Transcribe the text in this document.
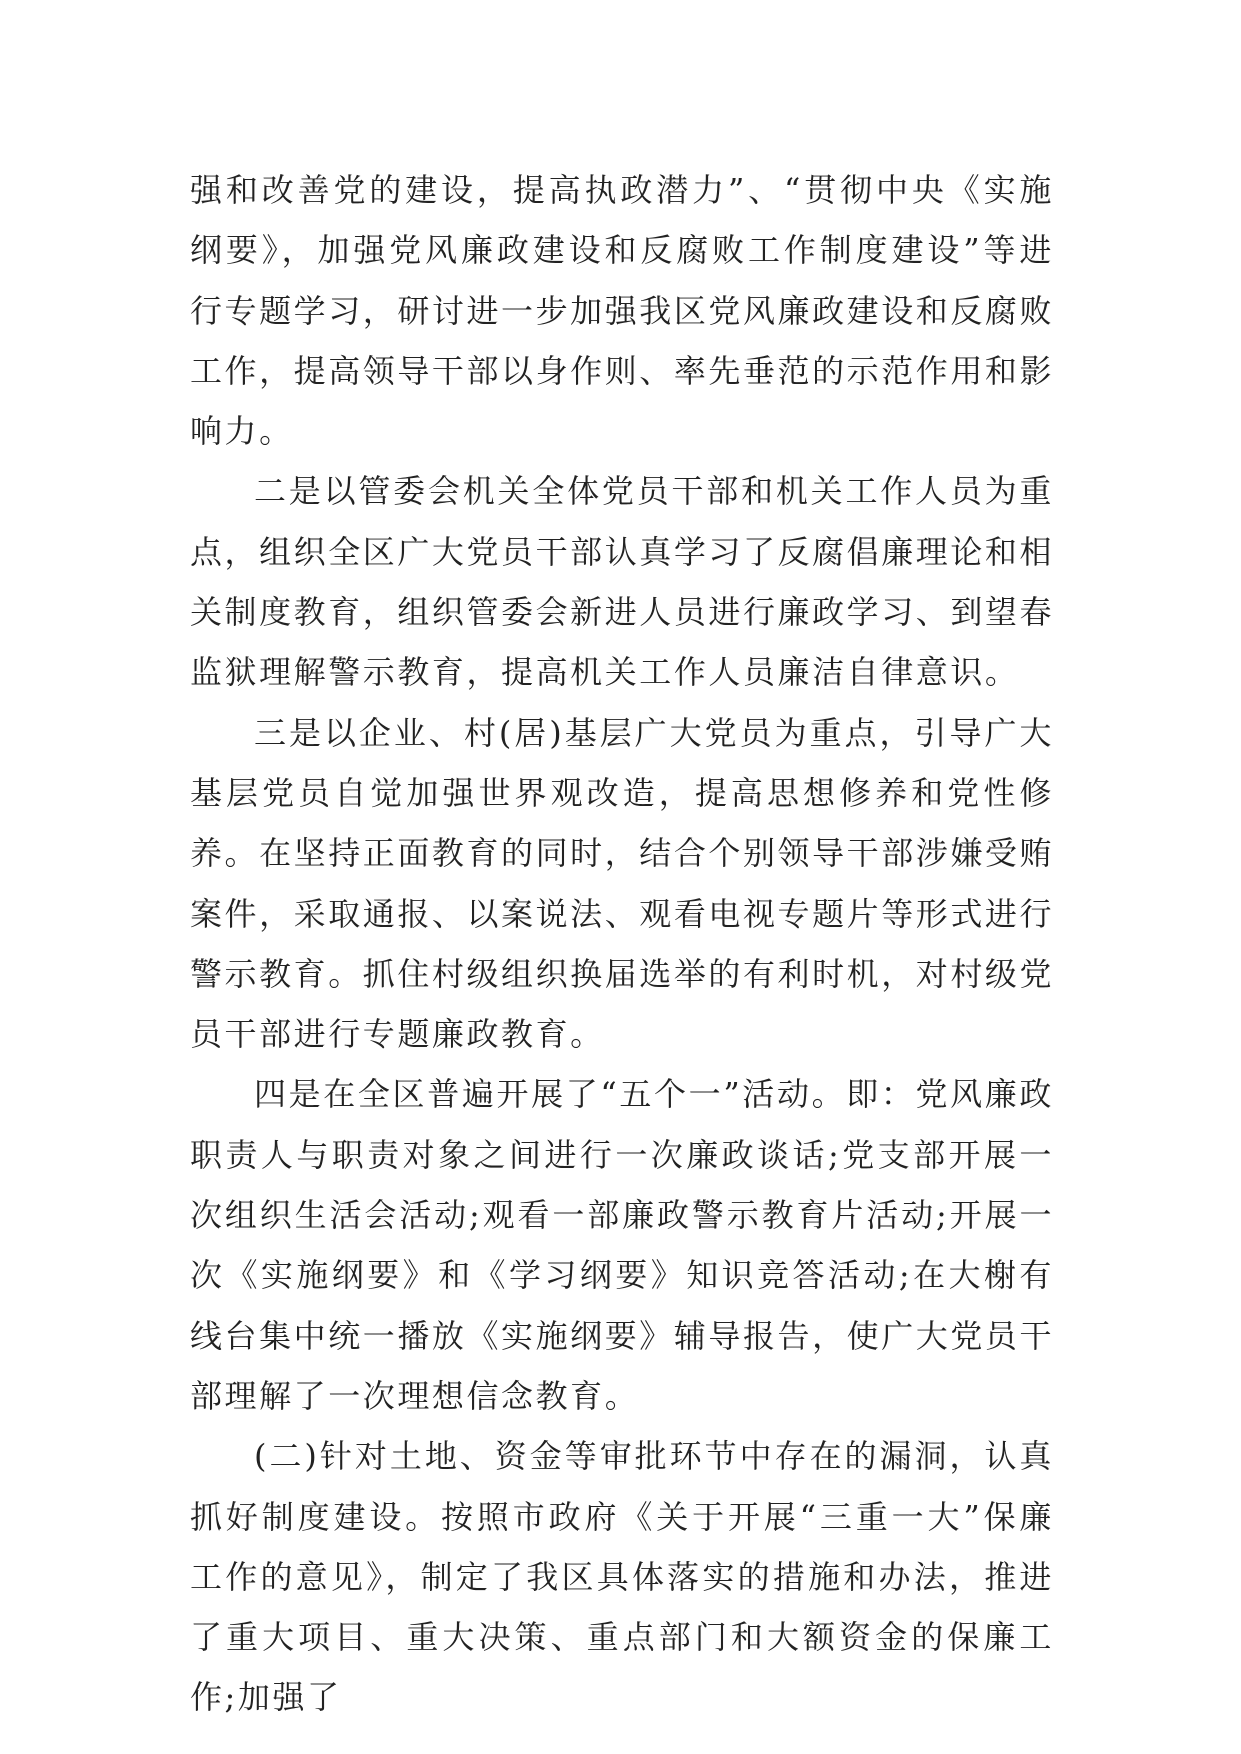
强和改善党的建设，提高执政潜力”、“贯彻中央《实施纲要》，加强党风廉政建设和反腐败工作制度建设”等进行专题学习，研讨进一步加强我区党风廉政建设和反腐败工作，提高领导干部以身作则、率先垂范的示范作用和影响力。

二是以管委会机关全体党员干部和机关工作人员为重点，组织全区广大党员干部认真学习了反腐倡廉理论和相关制度教育，组织管委会新进人员进行廉政学习、到望春监狱理解警示教育，提高机关工作人员廉洁自律意识。

三是以企业、村(居)基层广大党员为重点，引导广大基层党员自觉加强世界观改造，提高思想修养和党性修养。在坚持正面教育的同时，结合个别领导干部涉嫌受贿案件，采取通报、以案说法、观看电视专题片等形式进行警示教育。抓住村级组织换届选举的有利时机，对村级党员干部进行专题廉政教育。

四是在全区普遍开展了“五个一”活动。即：党风廉政职责人与职责对象之间进行一次廉政谈话;党支部开展一次组织生活会活动;观看一部廉政警示教育片活动;开展一次《实施纲要》和《学习纲要》知识竞答活动;在大榭有线台集中统一播放《实施纲要》辅导报告，使广大党员干部理解了一次理想信念教育。

(二)针对土地、资金等审批环节中存在的漏洞，认真抓好制度建设。按照市政府《关于开展“三重一大”保廉工作的意见》，制定了我区具体落实的措施和办法，推进了重大项目、重大决策、重点部门和大额资金的保廉工作;加强了
